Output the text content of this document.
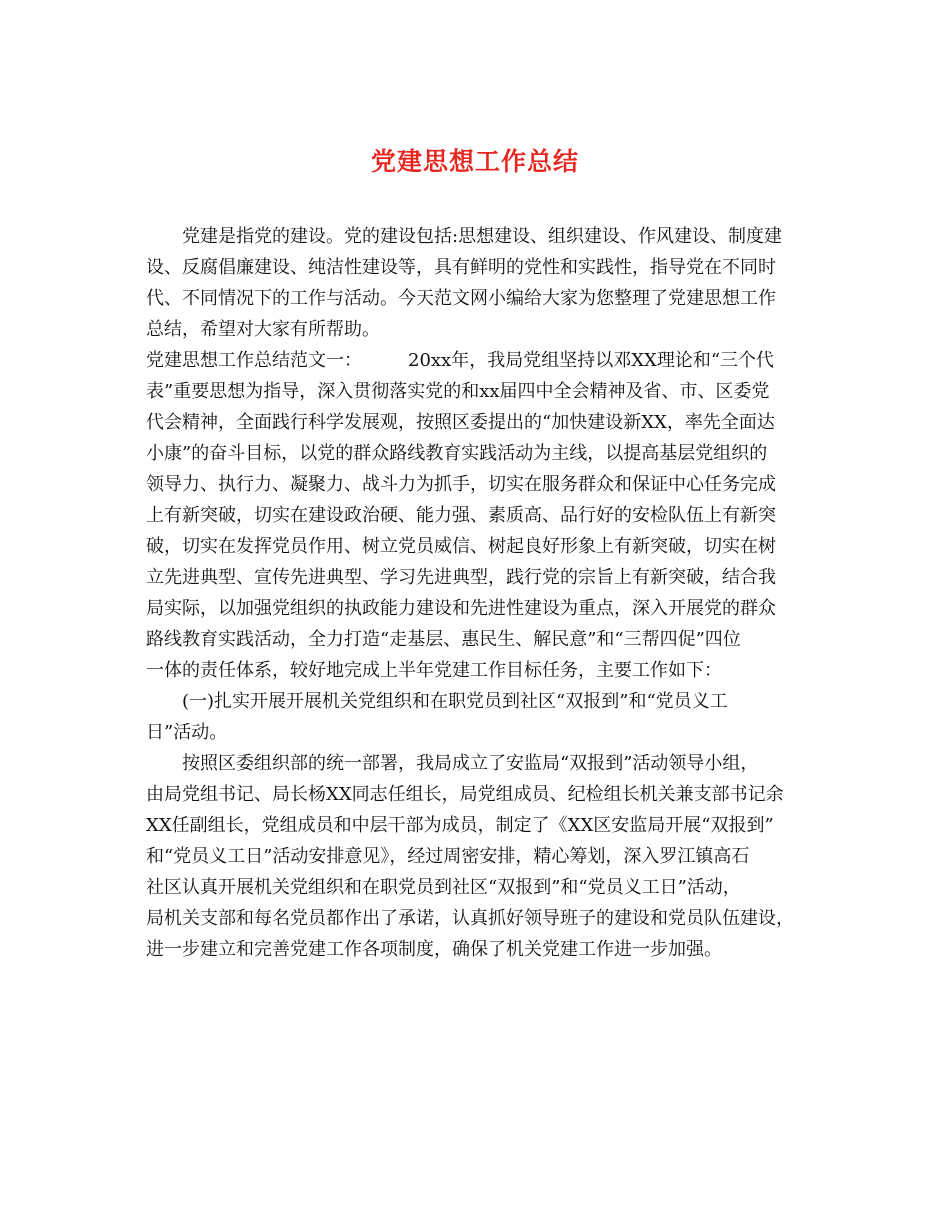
党建思想工作总结
党建是指党的建设。党的建设包括:思想建设、组织建设、作风建设、制度建
设、反腐倡廉建设、纯洁性建设等，具有鲜明的党性和实践性，指导党在不同时
代、不同情况下的工作与活动。今天范文网小编给大家为您整理了党建思想工作
总结，希望对大家有所帮助。
党建思想工作总结范文一：	20xx年，我局党组坚持以邓XX理论和“三个代
表”重要思想为指导，深入贯彻落实党的和xx届四中全会精神及省、市、区委党
代会精神，全面践行科学发展观，按照区委提出的“加快建设新XX，率先全面达
小康”的奋斗目标，以党的群众路线教育实践活动为主线，以提高基层党组织的
领导力、执行力、凝聚力、战斗力为抓手，切实在服务群众和保证中心任务完成
上有新突破，切实在建设政治硬、能力强、素质高、品行好的安检队伍上有新突
破，切实在发挥党员作用、树立党员威信、树起良好形象上有新突破，切实在树
立先进典型、宣传先进典型、学习先进典型，践行党的宗旨上有新突破，结合我
局实际，以加强党组织的执政能力建设和先进性建设为重点，深入开展党的群众
路线教育实践活动，全力打造“走基层、惠民生、解民意”和“三帮四促”四位
一体的责任体系，较好地完成上半年党建工作目标任务，主要工作如下：
(一)扎实开展开展机关党组织和在职党员到社区“双报到”和“党员义工
日”活动。
按照区委组织部的统一部署，我局成立了安监局“双报到”活动领导小组，
由局党组书记、局长杨XX同志任组长，局党组成员、纪检组长机关兼支部书记余
XX任副组长，党组成员和中层干部为成员，制定了《XX区安监局开展“双报到”
和“党员义工日”活动安排意见》，经过周密安排，精心筹划，深入罗江镇高石
社区认真开展机关党组织和在职党员到社区“双报到”和“党员义工日”活动，
局机关支部和每名党员都作出了承诺，认真抓好领导班子的建设和党员队伍建设，
进一步建立和完善党建工作各项制度，确保了机关党建工作进一步加强。
